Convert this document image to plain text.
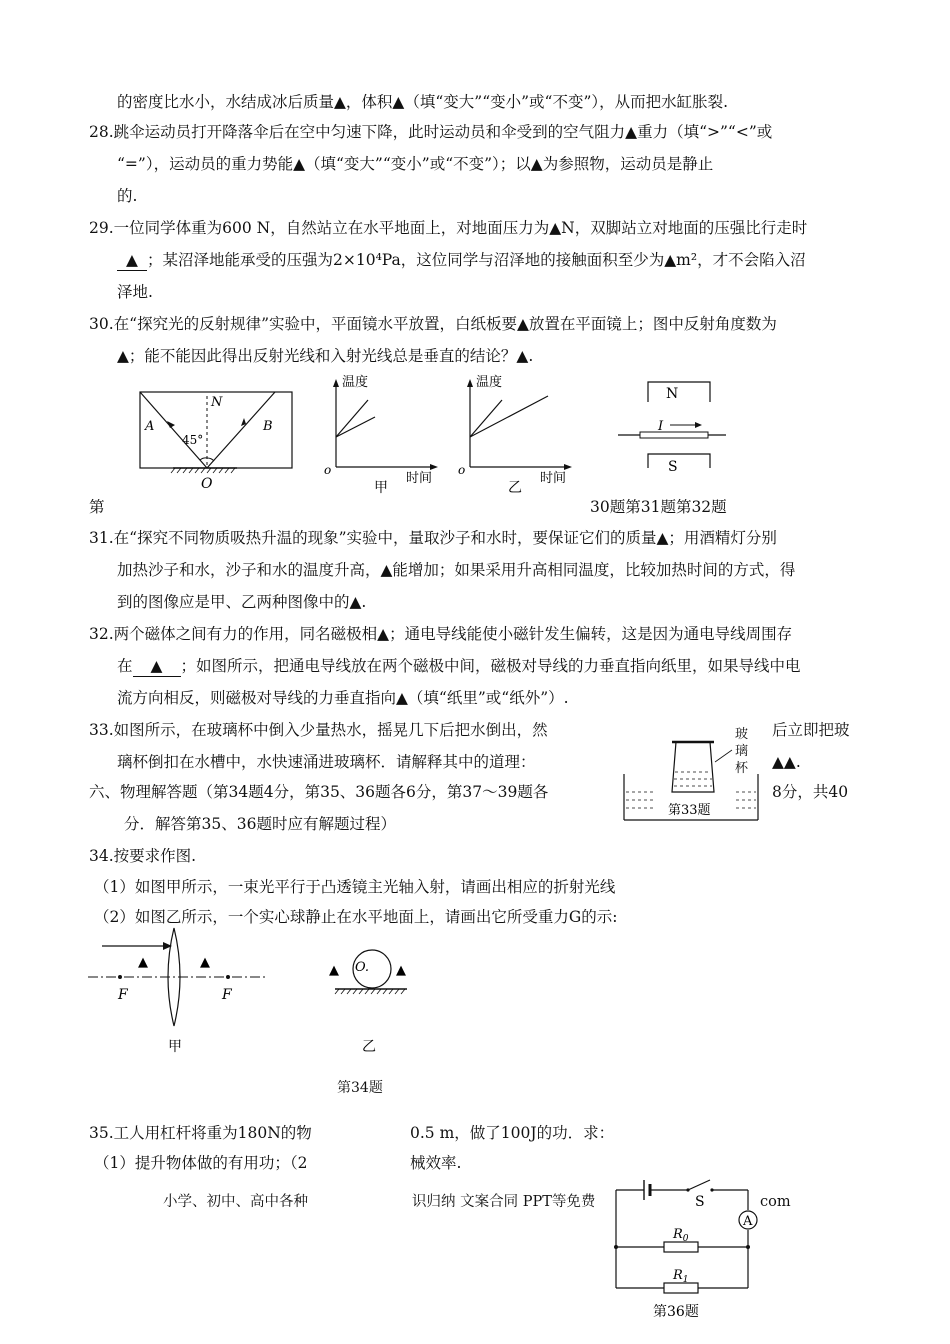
的密度比水小，水结成冰后质量▲，体积▲（填“变大”“变小”或“不变”），从而把水缸胀裂.
28.跳伞运动员打开降落伞后在空中匀速下降，此时运动员和伞受到的空气阻力▲重力（填“>”“<”或
“=”），运动员的重力势能▲（填“变大”“变小”或“不变”）；以▲为参照物，运动员是静止
的.
29.一位同学体重为600 N，自然站立在水平地面上，对地面压力为▲N，双脚站立对地面的压强比行走时
▲ ；某沼泽地能承受的压强为2×10⁴Pa，这位同学与沼泽地的接触面积至少为▲m²，才不会陷入沼
泽地.
30.在“探究光的反射规律”实验中，平面镜水平放置，白纸板要▲放置在平面镜上；图中反射角度数为
▲；能不能因此得出反射光线和入射光线总是垂直的结论？▲.
A	B
N
45°
O
温度
时间
o
甲
温度
时间
o
乙
N
I
S
第	30题第31题第32题
31.在“探究不同物质吸热升温的现象”实验中，量取沙子和水时，要保证它们的质量▲；用酒精灯分别
加热沙子和水，沙子和水的温度升高，▲能增加；如果采用升高相同温度，比较加热时间的方式，得
到的图像应是甲、乙两种图像中的▲.
32.两个磁体之间有力的作用，同名磁极相▲；通电导线能使小磁针发生偏转，这是因为通电导线周围存
在 ▲ ；如图所示，把通电导线放在两个磁极中间，磁极对导线的力垂直指向纸里，如果导线中电
流方向相反，则磁极对导线的力垂直指向▲（填“纸里”或“纸外”）.
33.如图所示，在玻璃杯中倒入少量热水，摇晃几下后把水倒出，然	后立即把玻
璃杯倒扣在水槽中，水快速涌进玻璃杯．请解释其中的道理：	▲▲.
第33题
玻璃杯
六、物理解答题（第34题4分，第35、36题各6分，第37～39题各	8分，共40
分．解答第35、36题时应有解题过程）
34.按要求作图.
（1）如图甲所示，一束光平行于凸透镜主光轴入射，请画出相应的折射光线
（2）如图乙所示，一个实心球静止在水平地面上，请画出它所受重力G的示:
▲	▲
F	F
甲
O.
▲	▲
乙
第34题
35.工人用杠杆将重为180N的物	0.5 m，做了100J的功．求：
（1）提升物体做的有用功；（2	械效率.
小学、初中、高中各种	识归纳 文案合同 PPT等免费	com
S
A
$R_0$
$R_1$
第36题
